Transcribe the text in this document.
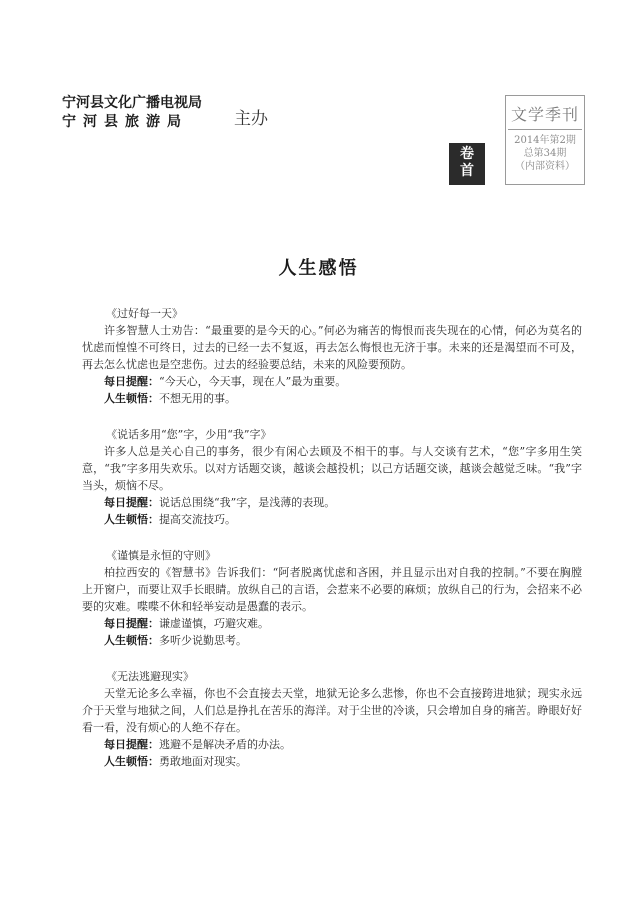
宁河县文化广播电视局
宁河县旅游局	主办
卷首
文学季刊
2014年第2期
总第34期
（内部资料）
人生感悟
《过好每一天》

许多智慧人士劝告：“最重要的是今天的心。”何必为痛苦的悔恨而丧失现在的心情，何必为莫名的忧虑而惶惶不可终日，过去的已经一去不复返，再去怎么悔恨也无济于事。未来的还是渴望而不可及，再去怎么忧虑也是空悲伤。过去的经验要总结，未来的风险要预防。

每日提醒：“今天心，今天事，现在人”最为重要。

人生顿悟：不想无用的事。

《说话多用“您”字，少用“我”字》

许多人总是关心自己的事务，很少有闲心去顾及不相干的事。与人交谈有艺术，“您”字多用生笑意，“我”字多用失欢乐。以对方话题交谈，越谈会越投机；以己方话题交谈，越谈会越觉乏味。“我”字当头，烦恼不尽。

每日提醒：说话总围绕“我”字，是浅薄的表现。

人生顿悟：提高交流技巧。

《谨慎是永恒的守则》

柏拉西安的《智慧书》告诉我们：“阿者脱离忧虑和吝困，并且显示出对自我的控制。”不要在胸膛上开窗户，而要让双手长眼睛。放纵自己的言语，会惹来不必要的麻烦；放纵自己的行为，会招来不必要的灾难。喋喋不休和轻举妄动是愚蠢的表示。

每日提醒：谦虚谨慎，巧避灾难。

人生顿悟：多听少说勤思考。

《无法逃避现实》

天堂无论多么幸福，你也不会直接去天堂，地狱无论多么悲惨，你也不会直接跨进地狱；现实永远介于天堂与地狱之间，人们总是挣扎在苦乐的海洋。对于尘世的冷谈，只会增加自身的痛苦。睁眼好好看一看，没有烦心的人绝不存在。

每日提醒：逃避不是解决矛盾的办法。

人生顿悟：勇敢地面对现实。
